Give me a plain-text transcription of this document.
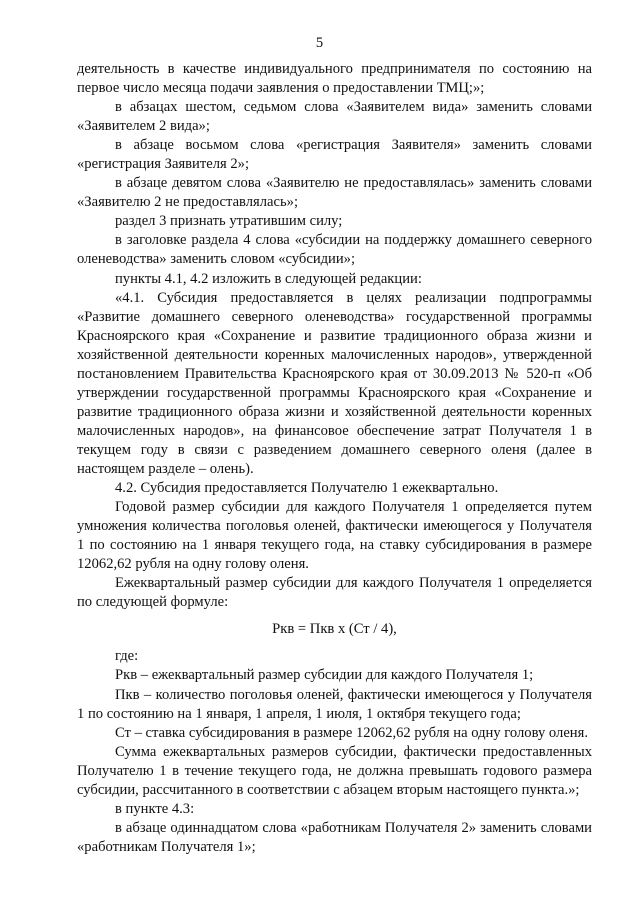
5

деятельность в качестве индивидуального предпринимателя по состоянию на первое число месяца подачи заявления о предоставлении ТМЦ;»;

в абзацах шестом, седьмом слова «Заявителем вида» заменить словами «Заявителем 2 вида»;

в абзаце восьмом слова «регистрация Заявителя» заменить словами «регистрация Заявителя 2»;

в абзаце девятом слова «Заявителю не предоставлялась» заменить словами «Заявителю 2 не предоставлялась»;

раздел 3 признать утратившим силу;

в заголовке раздела 4 слова «субсидии на поддержку домашнего северного оленеводства» заменить словом «субсидии»;

пункты 4.1, 4.2 изложить в следующей редакции:

«4.1. Субсидия предоставляется в целях реализации подпрограммы «Развитие домашнего северного оленеводства» государственной программы Красноярского края «Сохранение и развитие традиционного образа жизни и хозяйственной деятельности коренных малочисленных народов», утвержденной постановлением Правительства Красноярского края от 30.09.2013 № 520-п «Об утверждении государственной программы Красноярского края «Сохранение и развитие традиционного образа жизни и хозяйственной деятельности коренных малочисленных народов», на финансовое обеспечение затрат Получателя 1 в текущем году в связи с разведением домашнего северного оленя (далее в настоящем разделе – олень).

4.2. Субсидия предоставляется Получателю 1 ежеквартально.

Годовой размер субсидии для каждого Получателя 1 определяется путем умножения количества поголовья оленей, фактически имеющегося у Получателя 1 по состоянию на 1 января текущего года, на ставку субсидирования в размере 12062,62 рубля на одну голову оленя.

Ежеквартальный размер субсидии для каждого Получателя 1 определяется по следующей формуле:

Ркв = Пкв х (Ст / 4),

где:

Ркв – ежеквартальный размер субсидии для каждого Получателя 1;

Пкв – количество поголовья оленей, фактически имеющегося у Получателя 1 по состоянию на 1 января, 1 апреля, 1 июля, 1 октября текущего года;

Ст – ставка субсидирования в размере 12062,62 рубля на одну голову оленя.

Сумма ежеквартальных размеров субсидии, фактически предоставленных Получателю 1 в течение текущего года, не должна превышать годового размера субсидии, рассчитанного в соответствии с абзацем вторым настоящего пункта.»;

в пункте 4.3:

в абзаце одиннадцатом слова «работникам Получателя 2» заменить словами «работникам Получателя 1»;
